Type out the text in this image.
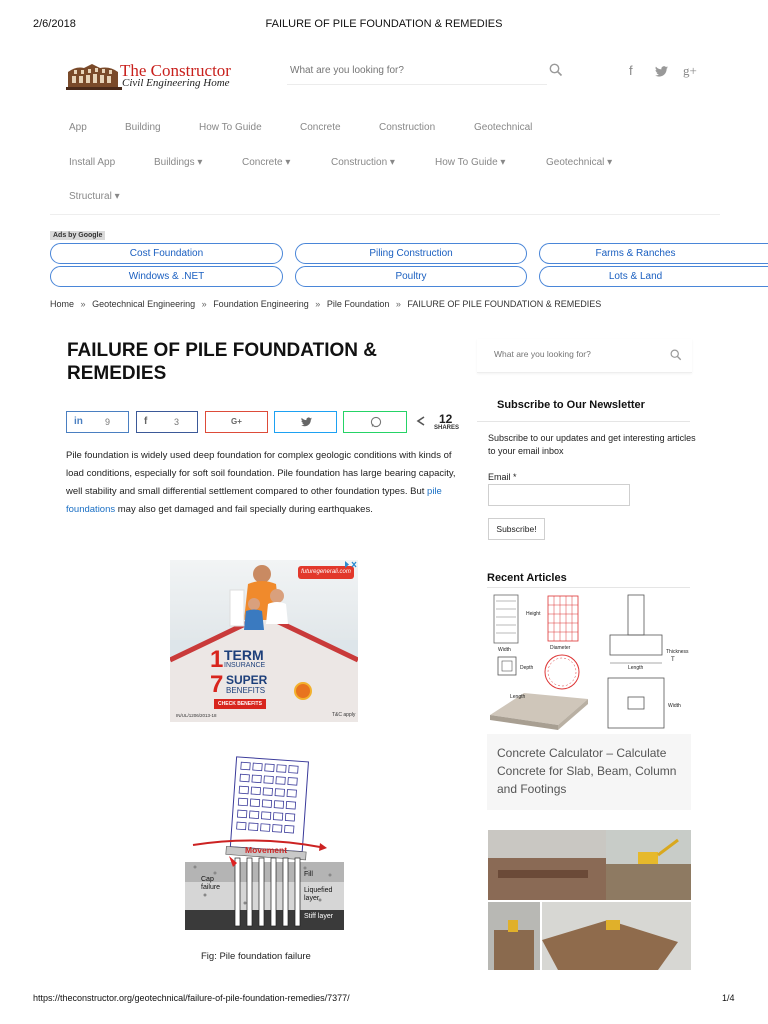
2/6/2018	FAILURE OF PILE FOUNDATION & REMEDIES
The Constructor
Civil Engineering Home
What are you looking for?
f	g+
App	Building	How To Guide	Concrete	Construction	Geotechnical
Install App	Buildings ▾	Concrete ▾	Construction ▾	How To Guide ▾	Geotechnical ▾
Structural ▾
Ads by Google
Cost Foundation	Piling Construction	Farms & Ranches
Windows & .NET	Poultry	Lots & Land
Home » Geotechnical Engineering » Foundation Engineering » Pile Foundation » FAILURE OF PILE FOUNDATION & REMEDIES
FAILURE OF PILE FOUNDATION & REMEDIES
in 9	f	3	G+	12
SHARES

Pile foundation is widely used deep foundation for complex geologic conditions with kinds of load conditions, especially for soft soil foundation. Pile foundation has large bearing capacity, well stability and small differential settlement compared to other foundation types. But pile foundations may also get damaged and fail specially during earthquakes.

futuregenerali.com
1 TERM
INSURANCE
7 SUPER
BENEFITS
CHECK BENEFITS
IN/UL/1206/2013-18	T&C apply
Movement
Cap failure
Fill
Liquefied layer
Stiff layer
Fig: Pile foundation failure
What are you looking for?
Subscribe to Our Newsletter

Subscribe to our updates and get interesting articles to your email inbox

Email *
Subscribe!
Recent Articles
Height
Width
Depth
Diameter
Length
Length
Thickness
T
Width
Concrete Calculator – Calculate Concrete for Slab, Beam, Column and Footings
https://theconstructor.org/geotechnical/failure-of-pile-foundation-remedies/7377/	1/4
